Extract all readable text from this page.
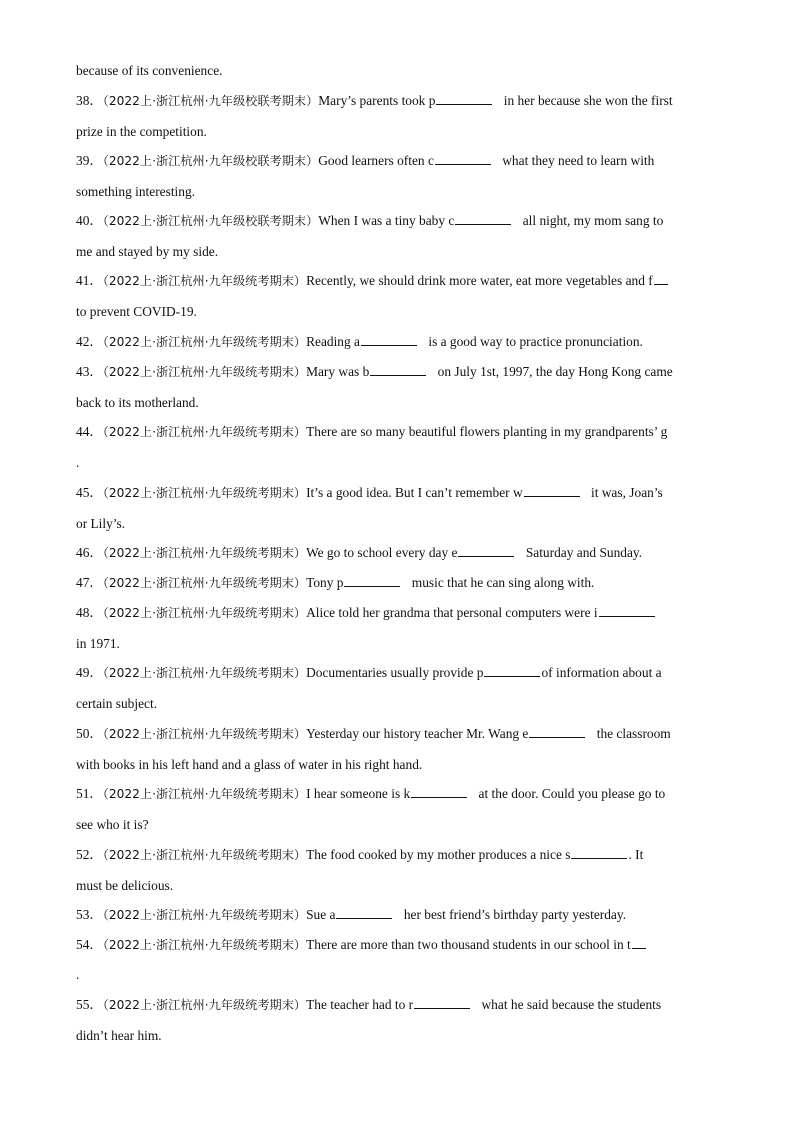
because of its convenience.
38．（2022上·浙江杭州·九年级校联考期末）Mary’s parents took p	in her because she won the first
prize in the competition.
39．（2022上·浙江杭州·九年级校联考期末）Good learners often c	what they need to learn with
something interesting.
40．（2022上·浙江杭州·九年级校联考期末）When I was a tiny baby c	all night, my mom sang to
me and stayed by my side.
41．（2022上·浙江杭州·九年级统考期末）Recently, we should drink more water, eat more vegetables and f
to prevent COVID-19.
42．（2022上·浙江杭州·九年级统考期末）Reading a	is a good way to practice pronunciation.
43．（2022上·浙江杭州·九年级统考期末）Mary was b	on July 1st, 1997, the day Hong Kong came
back to its motherland.
44．（2022上·浙江杭州·九年级统考期末）There are so many beautiful flowers planting in my grandparents’ g
.
45．（2022上·浙江杭州·九年级统考期末）It’s a good idea. But I can’t remember w	it was, Joan’s
or Lily’s.
46．（2022上·浙江杭州·九年级统考期末）We go to school every day e	Saturday and Sunday.
47．（2022上·浙江杭州·九年级统考期末）Tony p	music that he can sing along with.
48．（2022上·浙江杭州·九年级统考期末）Alice told her grandma that personal computers were i
in 1971.
49．（2022上·浙江杭州·九年级统考期末）Documentaries usually provide p	of information about a
certain subject.
50．（2022上·浙江杭州·九年级统考期末）Yesterday our history teacher Mr. Wang e	the classroom
with books in his left hand and a glass of water in his right hand.
51．（2022上·浙江杭州·九年级统考期末）I hear someone is k	at the door. Could you please go to
see who it is?
52．（2022上·浙江杭州·九年级统考期末）The food cooked by my mother produces a nice s	. It
must be delicious.
53．（2022上·浙江杭州·九年级统考期末）Sue a	her best friend’s birthday party yesterday.
54．（2022上·浙江杭州·九年级统考期末）There are more than two thousand students in our school in t
.
55．（2022上·浙江杭州·九年级统考期末）The teacher had to r	what he said because the students
didn’t hear him.
